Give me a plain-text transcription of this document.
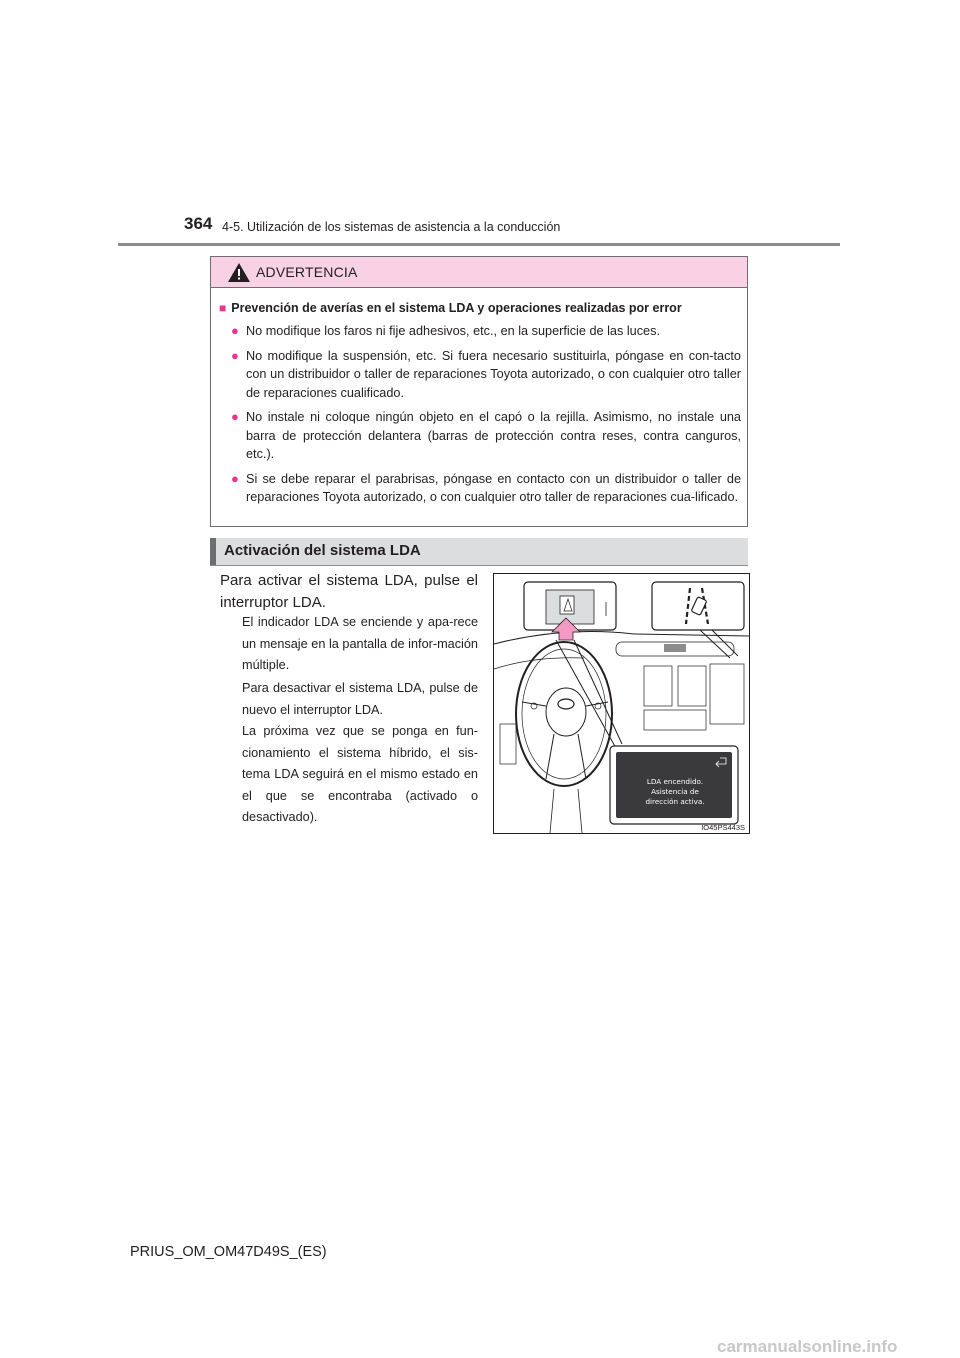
364 4-5. Utilización de los sistemas de asistencia a la conducción
ADVERTENCIA
■ Prevención de averías en el sistema LDA y operaciones realizadas por error
● No modifique los faros ni fije adhesivos, etc., en la superficie de las luces.
● No modifique la suspensión, etc. Si fuera necesario sustituirla, póngase en con-tacto con un distribuidor o taller de reparaciones Toyota autorizado, o con cualquier otro taller de reparaciones cualificado.
● No instale ni coloque ningún objeto en el capó o la rejilla. Asimismo, no instale una barra de protección delantera (barras de protección contra reses, contra canguros, etc.).
● Si se debe reparar el parabrisas, póngase en contacto con un distribuidor o taller de reparaciones Toyota autorizado, o con cualquier otro taller de reparaciones cua-lificado.
Activación del sistema LDA
Para activar el sistema LDA, pulse el interruptor LDA.
El indicador LDA se enciende y apa-rece un mensaje en la pantalla de infor-mación múltiple.
Para desactivar el sistema LDA, pulse de nuevo el interruptor LDA.
La próxima vez que se ponga en fun-cionamiento el sistema híbrido, el sis-tema LDA seguirá en el mismo estado en el que se encontraba (activado o desactivado).
LDA encendido.
Asistencia de
dirección activa.
IO45PS443S
PRIUS_OM_OM47D49S_(ES)
carmanualsonline.info
